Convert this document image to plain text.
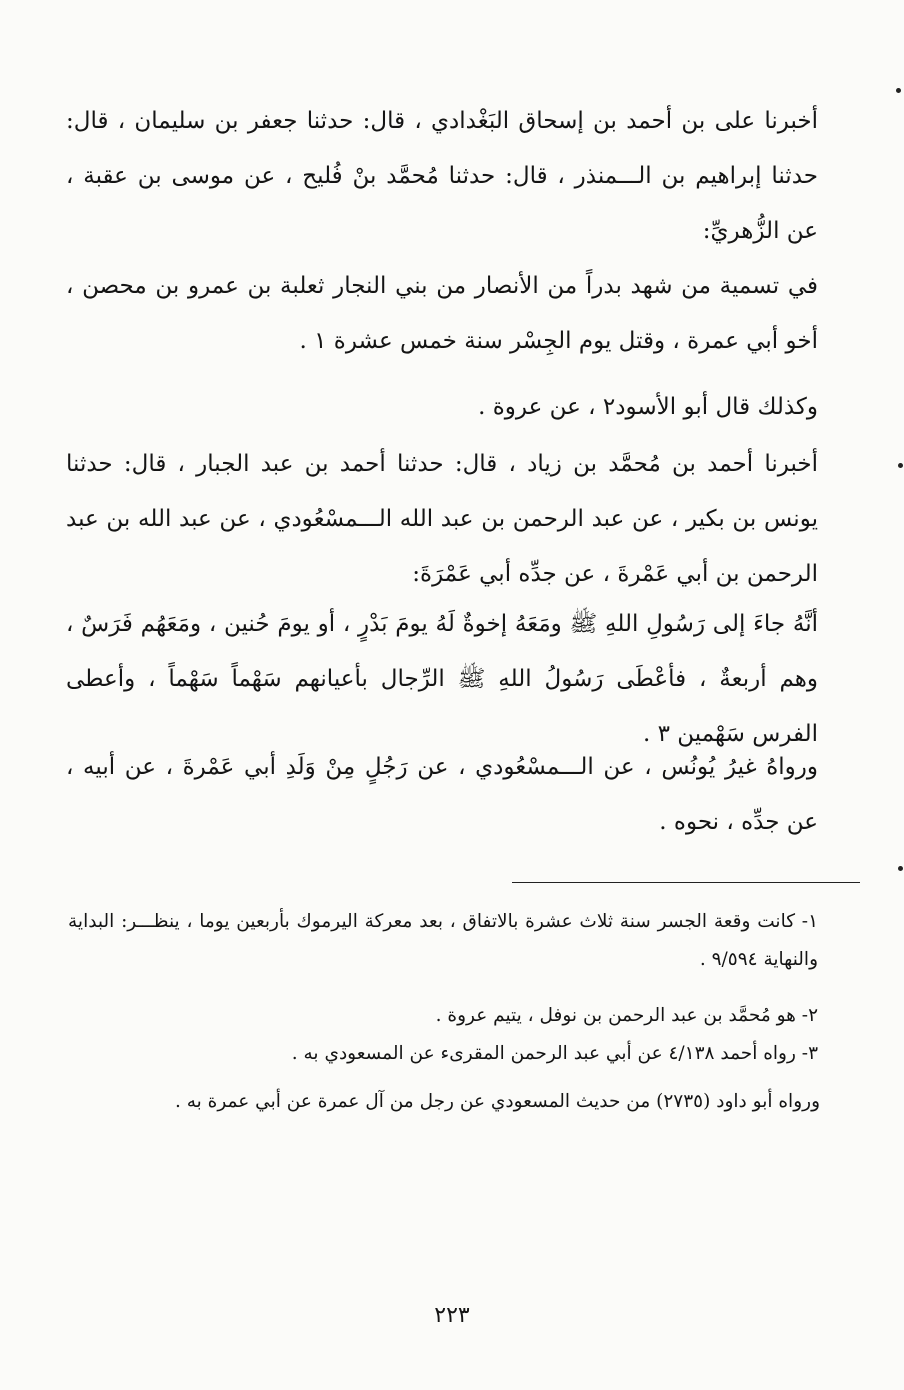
أخبرنا على بن أحمد بن إسحاق البَغْدادي ، قال: حدثنا جعفر بن سليمان ، قال: حدثنا إبراهيم بن الـــمنذر ، قال: حدثنا مُحمَّد بنْ فُليح ، عن موسى بن عقبة ، عن الزُّهريِّ:

في تسمية من شهد بدراً من الأنصار من بني النجار ثعلبة بن عمرو بن محصن ، أخو أبي عمرة ، وقتل يوم الجِسْر سنة خمس عشرة ١ .

وكذلك قال أبو الأسود٢ ، عن عروة .

أخبرنا أحمد بن مُحمَّد بن زياد ، قال: حدثنا أحمد بن عبد الجبار ، قال: حدثنا يونس بن بكير ، عن عبد الرحمن بن عبد الله الـــمسْعُودي ، عن عبد الله بن عبد الرحمن بن أبي عَمْرةَ ، عن جدِّه أبي عَمْرَةَ:

أنَّهُ جاءَ إلى رَسُولِ اللهِ ﷺ ومَعَهُ إخوةٌ لَهُ يومَ بَدْرٍ ، أو يومَ حُنين ، ومَعَهُم فَرَسٌ ، وهم أربعةٌ ، فأعْطَى رَسُولُ اللهِ ﷺ الرِّجال بأعيانهم سَهْماً سَهْماً ، وأعطى الفرس سَهْمين ٣ .

ورواهُ غيرُ يُونُس ، عن الـــمسْعُودي ، عن رَجُلٍ مِنْ وَلَدِ أبي عَمْرةَ ، عن أبيه ، عن جدِّه ، نحوه .

١- كانت وقعة الجسر سنة ثلاث عشرة بالاتفاق ، بعد معركة اليرموك بأربعين يوما ، ينظـــر: البداية والنهاية ٩/٥٩٤ .

٢- هو مُحمَّد بن عبد الرحمن بن نوفل ، يتيم عروة .

٣- رواه أحمد ٤/١٣٨ عن أبي عبد الرحمن المقرىء عن المسعودي به .

ورواه أبو داود (٢٧٣٥) من حديث المسعودي عن رجل من آل عمرة عن أبي عمرة به .

٢٢٣
